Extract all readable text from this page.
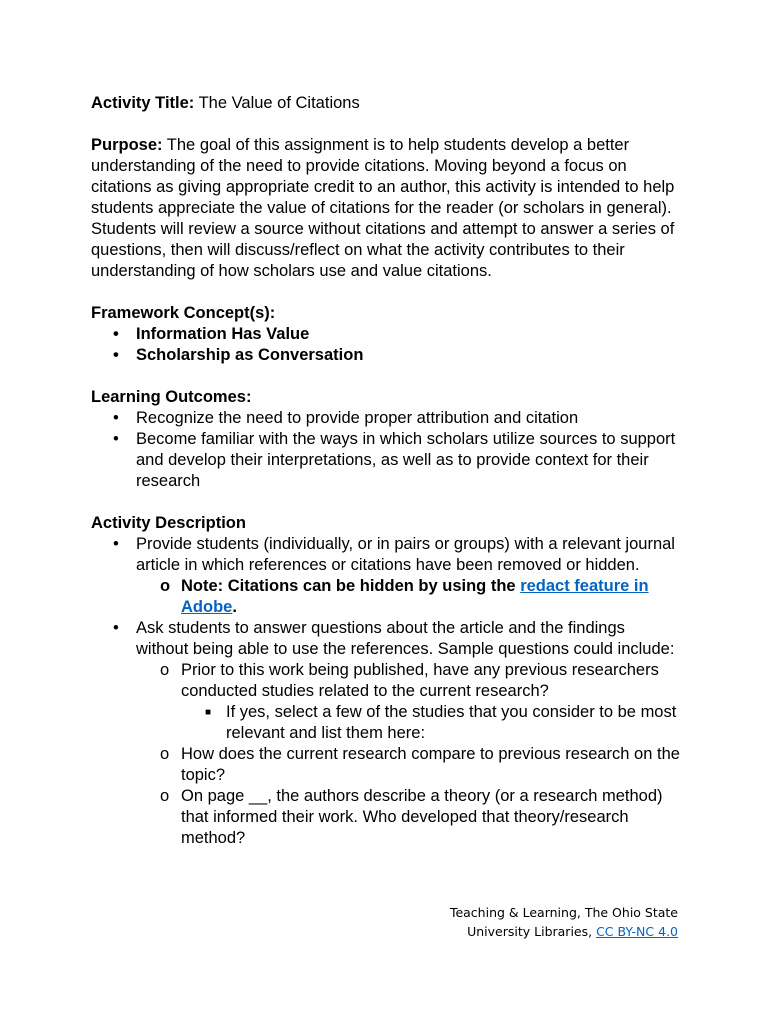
Activity Title: The Value of Citations

Purpose: The goal of this assignment is to help students develop a better understanding of the need to provide citations. Moving beyond a focus on citations as giving appropriate credit to an author, this activity is intended to help students appreciate the value of citations for the reader (or scholars in general). Students will review a source without citations and attempt to answer a series of questions, then will discuss/reflect on what the activity contributes to their understanding of how scholars use and value citations.

Framework Concept(s):

• Information Has Value
• Scholarship as Conversation

Learning Outcomes:

• Recognize the need to provide proper attribution and citation
• Become familiar with the ways in which scholars utilize sources to support and develop their interpretations, as well as to provide context for their research

Activity Description

• Provide students (individually, or in pairs or groups) with a relevant journal article in which references or citations have been removed or hidden.
o Note: Citations can be hidden by using the redact feature in Adobe.
• Ask students to answer questions about the article and the findings without being able to use the references. Sample questions could include:
o Prior to this work being published, have any previous researchers conducted studies related to the current research?
■ If yes, select a few of the studies that you consider to be most relevant and list them here:
o How does the current research compare to previous research on the topic?
o On page __, the authors describe a theory (or a research method) that informed their work. Who developed that theory/research method?
Teaching & Learning, The Ohio State
University Libraries, CC BY-NC 4.0
